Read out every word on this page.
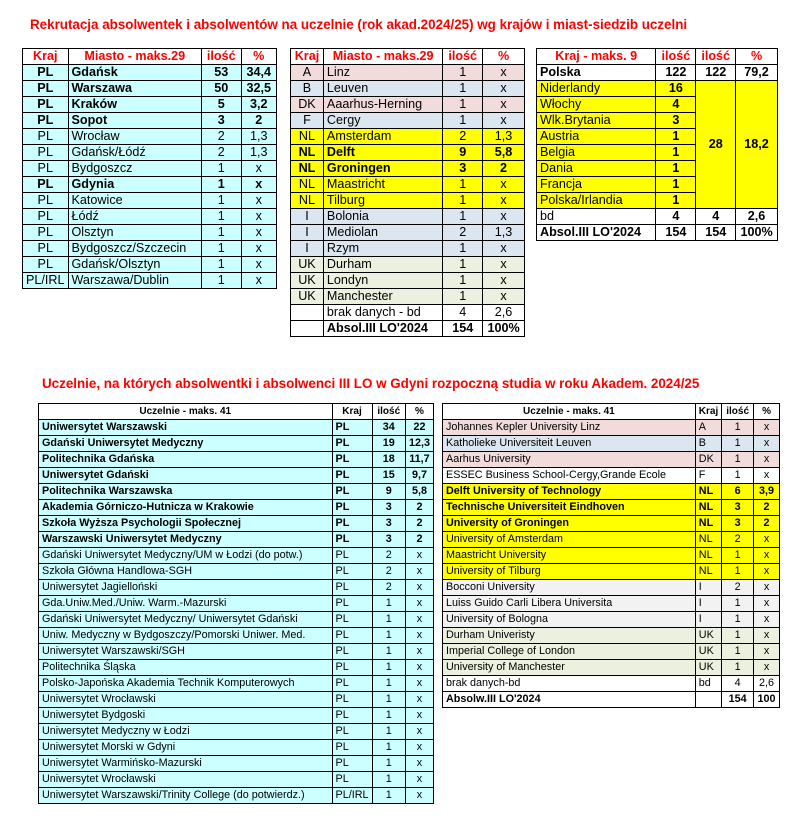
Rekrutacja absolwentek i absolwentów na uczelnie (rok akad.2024/25) wg krajów i miast-siedzib uczelni
Kraj	Miasto - maks.29	ilość	%
PL	Gdańsk	53	34,4
PL	Warszawa	50	32,5
PL	Kraków	5	3,2
PL	Sopot	3	2
PL	Wrocław	2	1,3
PL	Gdańsk/Łódź	2	1,3
PL	Bydgoszcz	1	x
PL	Gdynia	1	x
PL	Katowice	1	x
PL	Łódź	1	x
PL	Olsztyn	1	x
PL	Bydgoszcz/Szczecin	1	x
PL	Gdańsk/Olsztyn	1	x
PL/IRL	Warszawa/Dublin	1	x
Kraj	Miasto - maks.29	ilość	%
A	Linz	1	x
B	Leuven	1	x
DK	Aaarhus-Herning	1	x
F	Cergy	1	x
NL	Amsterdam	2	1,3
NL	Delft	9	5,8
NL	Groningen	3	2
NL	Maastricht	1	x
NL	Tilburg	1	x
I	Bolonia	1	x
I	Mediolan	2	1,3
I	Rzym	1	x
UK	Durham	1	x
UK	Londyn	1	x
UK	Manchester	1	x
	brak danych - bd	4	2,6
	Absol.III LO'2024	154	100%
Kraj - maks. 9	ilość	ilość	%
Polska	122	122	79,2
Niderlandy	16	28	18,2
Włochy	4		
Wlk.Brytania	3		
Austria	1		
Belgia	1		
Dania	1		
Francja	1		
Polska/Irlandia	1		
bd	4	4	2,6
Absol.III LO'2024	154	154	100%
Uczelnie, na których absolwentki i absolwenci III LO w Gdyni rozpoczną studia w roku Akadem. 2024/25
Uczelnie - maks. 41	Kraj	ilość	%
Uniwersytet Warszawski	PL	34	22
Gdański Uniwersytet Medyczny	PL	19	12,3
Politechnika Gdańska	PL	18	11,7
Uniwersytet Gdański	PL	15	9,7
Politechnika Warszawska	PL	9	5,8
Akademia Górniczo-Hutnicza w Krakowie	PL	3	2
Szkoła Wyższa Psychologii Społecznej	PL	3	2
Warszawski Uniwersytet Medyczny	PL	3	2
Gdański Uniwersytet Medyczny/UM w Łodzi (do potw.)	PL	2	x
Szkoła Główna Handlowa-SGH	PL	2	x
Uniwersytet Jagielloński	PL	2	x
Gda.Uniw.Med./Uniw. Warm.-Mazurski	PL	1	x
Gdański Uniwersytet Medyczny/ Uniwersytet Gdański	PL	1	x
Uniw. Medyczny w Bydgoszczy/Pomorski Uniwer. Med.	PL	1	x
Uniwersytet Warszawski/SGH	PL	1	x
Politechnika Śląska	PL	1	x
Polsko-Japońska Akademia Technik Komputerowych	PL	1	x
Uniwersytet Wrocławski	PL	1	x
Uniwersytet Bydgoski	PL	1	x
Uniwersytet Medyczny w Łodzi	PL	1	x
Uniwersytet Morski w Gdyni	PL	1	x
Uniwersytet Warmińsko-Mazurski	PL	1	x
Uniwersytet Wrocławski	PL	1	x
Uniwersytet Warszawski/Trinity College (do potwierdz.)	PL/IRL	1	x
Uczelnie - maks. 41	Kraj	ilość	%
Johannes Kepler University Linz	A	1	x
Katholieke Universiteit Leuven	B	1	x
Aarhus University	DK	1	x
ESSEC Business School-Cergy,Grande Ecole	F	1	x
Delft University of Technology	NL	6	3,9
Technische Universiteit Eindhoven	NL	3	2
University of Groningen	NL	3	2
University of Amsterdam	NL	2	x
Maastricht University	NL	1	x
University of Tilburg	NL	1	x
Bocconi University	I	2	x
Luiss Guido Carli Libera Universita	I	1	x
University of Bologna	I	1	x
Durham Univeristy	UK	1	x
Imperial College of London	UK	1	x
University of Manchester	UK	1	x
brak danych-bd	bd	4	2,6
Absolw.III LO'2024		154	100
